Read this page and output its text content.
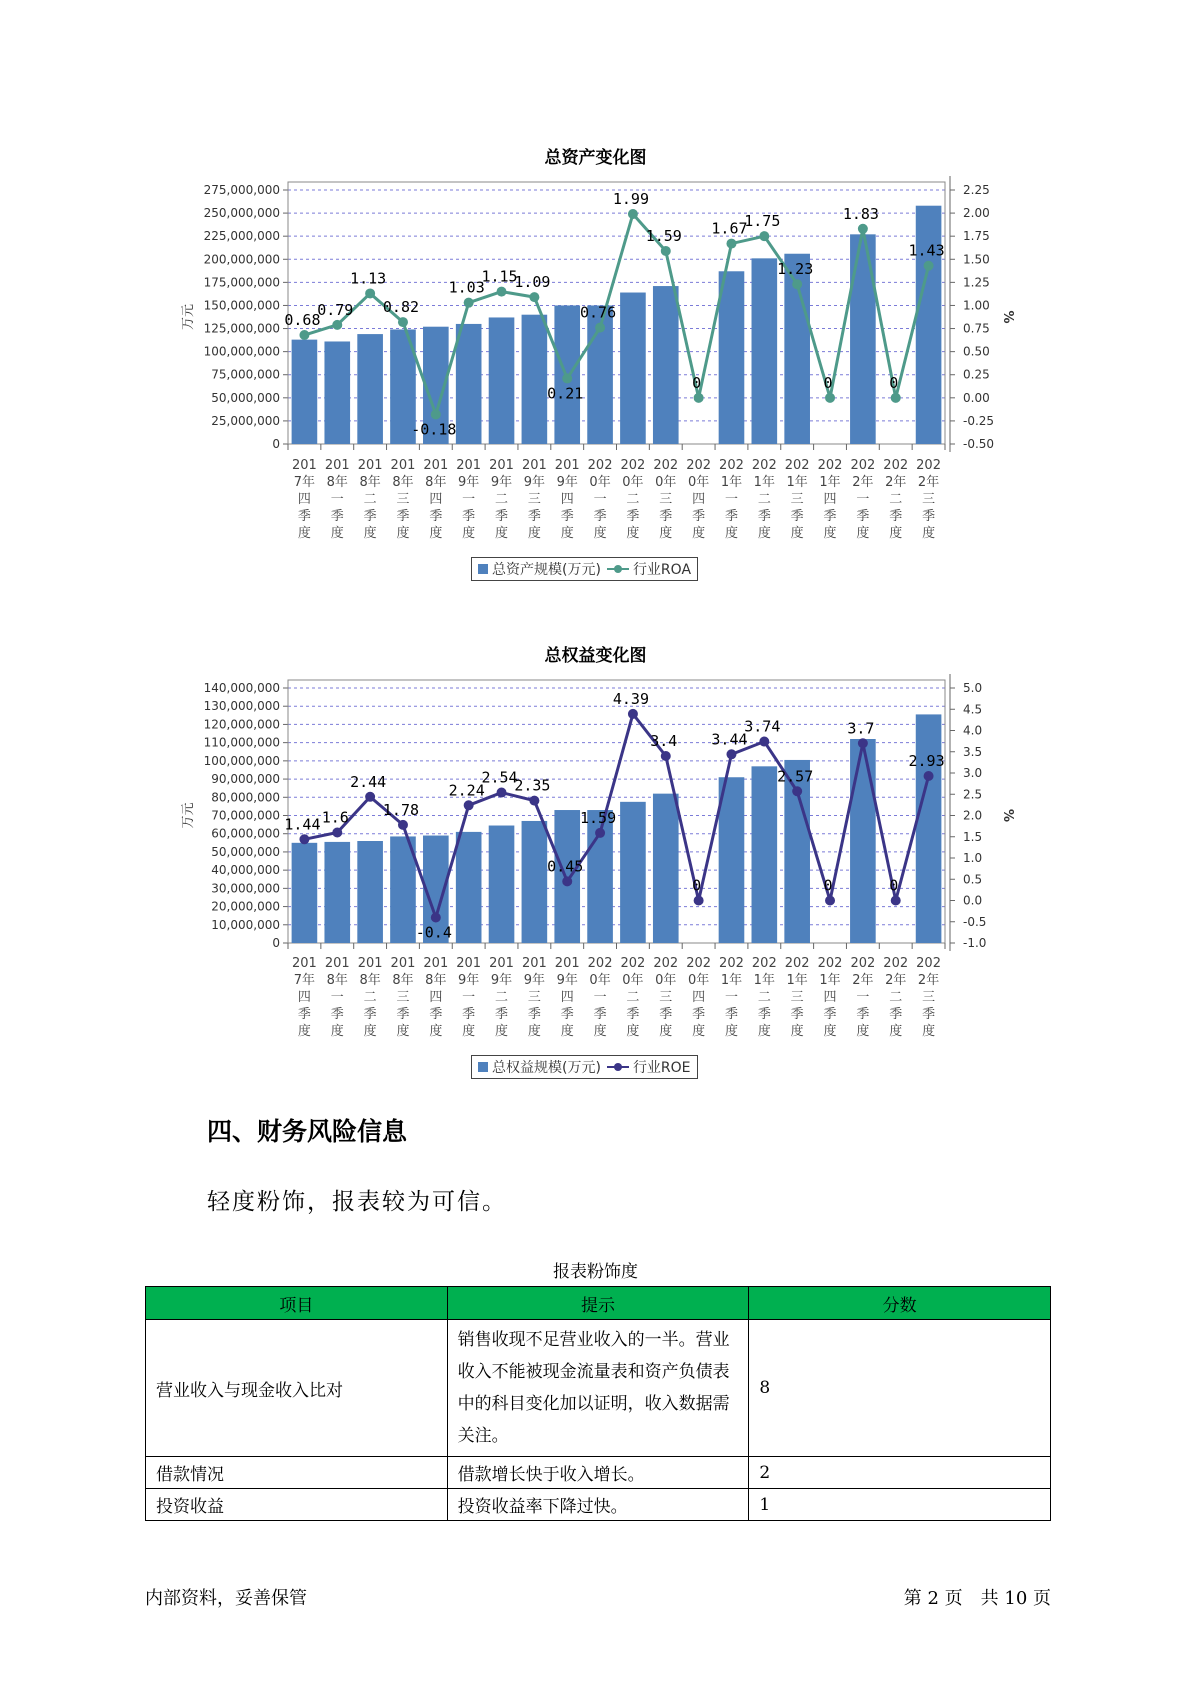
总资产变化图
275,000,000
250,000,000
225,000,000
200,000,000
175,000,000
150,000,000
125,000,000
100,000,000
75,000,000
50,000,000
25,000,000
0
2.25
2.00
1.75
1.50
1.25
1.00
0.75
0.50
0.25
0.00
-0.25
-0.50
万元	%
201
7年
四
季
度
201
8年
一
季
度
201
8年
二
季
度
201
8年
三
季
度
201
8年
四
季
度
201
9年
一
季
度
201
9年
二
季
度
201
9年
三
季
度
201
9年
四
季
度
202
0年
一
季
度
202
0年
二
季
度
202
0年
三
季
度
202
0年
四
季
度
202
1年
一
季
度
202
1年
二
季
度
202
1年
三
季
度
202
1年
四
季
度
202
2年
一
季
度
202
2年
二
季
度
202
2年
三
季
度
0.68
0.79
1.13
0.82
-0.18
1.03
1.15
1.09
0.21
0.76
1.99
1.59
0
1.67
1.75
1.23
0
1.83
0
1.43
总资产规模(万元) 行业ROA
总权益变化图
140,000,000
130,000,000
120,000,000
110,000,000
100,000,000
90,000,000
80,000,000
70,000,000
60,000,000
50,000,000
40,000,000
30,000,000
20,000,000
10,000,000
0
5.0
4.5
4.0
3.5
3.0
2.5
2.0
1.5
1.0
0.5
0.0
-0.5
-1.0
万元	%
201
7年
四
季
度
201
8年
一
季
度
201
8年
二
季
度
201
8年
三
季
度
201
8年
四
季
度
201
9年
一
季
度
201
9年
二
季
度
201
9年
三
季
度
201
9年
四
季
度
202
0年
一
季
度
202
0年
二
季
度
202
0年
三
季
度
202
0年
四
季
度
202
1年
一
季
度
202
1年
二
季
度
202
1年
三
季
度
202
1年
四
季
度
202
2年
一
季
度
202
2年
二
季
度
202
2年
三
季
度
1.44 1.6
2.44
1.78
-0.4
2.24
2.54
2.35
0.45
1.59
4.39
3.4
0
3.44
3.74
2.57
0
3.7
0
2.93
总权益规模(万元) 行业ROE
四、财务风险信息
轻度粉饰，报表较为可信。
报表粉饰度
项目	提示	分数
营业收入与现金收入比对	销售收现不足营业收入的一半。营业收入不能被现金流量表和资产负债表中的科目变化加以证明，收入数据需关注。	8
借款情况	借款增长快于收入增长。	2
投资收益	投资收益率下降过快。	1
内部资料，妥善保管	第 2 页　共 10 页
